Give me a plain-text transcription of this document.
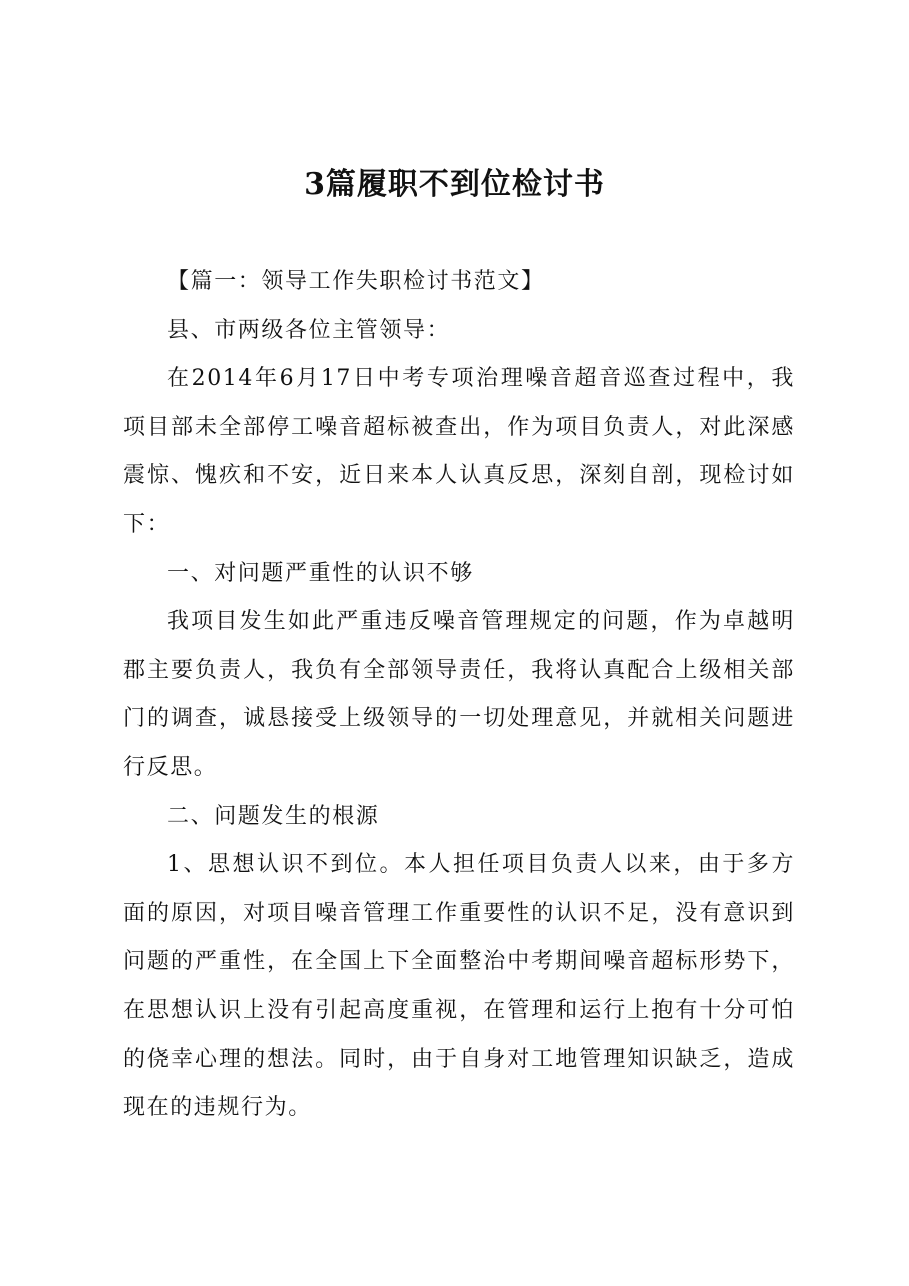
3篇履职不到位检讨书

【篇一：领导工作失职检讨书范文】

县、市两级各位主管领导：

在2014年6月17日中考专项治理噪音超音巡查过程中，我项目部未全部停工噪音超标被查出，作为项目负责人，对此深感震惊、愧疚和不安，近日来本人认真反思，深刻自剖，现检讨如下：

一、对问题严重性的认识不够

我项目发生如此严重违反噪音管理规定的问题，作为卓越明郡主要负责人，我负有全部领导责任，我将认真配合上级相关部门的调查，诚恳接受上级领导的一切处理意见，并就相关问题进行反思。

二、问题发生的根源

1、思想认识不到位。本人担任项目负责人以来，由于多方面的原因，对项目噪音管理工作重要性的认识不足，没有意识到问题的严重性，在全国上下全面整治中考期间噪音超标形势下，在思想认识上没有引起高度重视，在管理和运行上抱有十分可怕的侥幸心理的想法。同时，由于自身对工地管理知识缺乏，造成现在的违规行为。
